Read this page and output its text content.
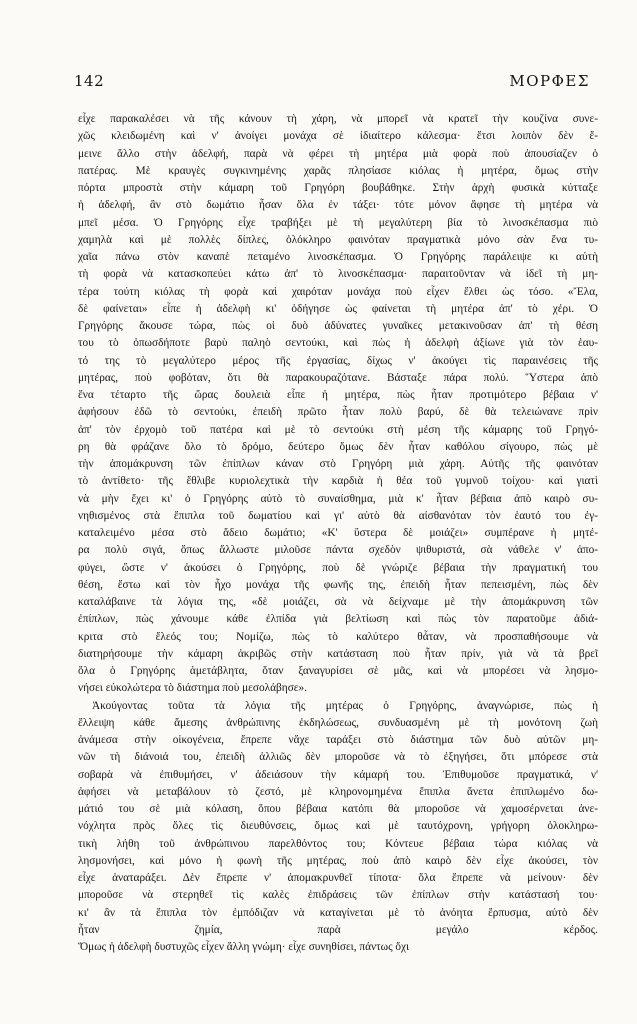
142	ΜΟΡΦΕΣ
εἶχε παρακαλέσει νὰ τῆς κάνουν τὴ χάρη, νὰ μπορεῖ νὰ κρατεῖ τὴν κουζίνα συνε-
χῶς κλειδωμένη καὶ ν' ἀνοίγει μονάχα σὲ ἰδιαίτερο κάλεσμα· ἔτσι λοιπὸν δὲν ἔ-
μεινε ἄλλο στὴν ἀδελφή, παρὰ νὰ φέρει τὴ μητέρα μιὰ φορὰ ποὺ ἀπουσίαζεν ὁ
πατέρας. Μὲ κραυγὲς συγκινημένης χαρᾶς πλησίασε κιόλας ἡ μητέρα, ὅμως στὴν
πόρτα μπροστὰ στὴν κάμαρη τοῦ Γρηγόρη βουβάθηκε. Στὴν ἀρχὴ φυσικὰ κύτταξε
ἡ ἀδελφή, ἂν στὸ δωμάτιο ἦσαν ὅλα ἐν τάξει· τότε μόνον ἄφησε τὴ μητέρα νὰ
μπεῖ μέσα. Ὁ Γρηγόρης εἶχε τραβήξει μὲ τὴ μεγαλύτερη βία τὸ λινοσκέπασμα πιὸ
χαμηλὰ καὶ μὲ πολλὲς δίπλες, ὁλόκληρο φαινόταν πραγματικὰ μόνο σὰν ἕνα τυ-
χαῖα πάνω στὸν καναπὲ πεταμένο λινοσκέπασμα. Ὁ Γρηγόρης παράλειψε κι αὐτὴ
τὴ φορὰ νὰ κατασκοπεύει κάτω ἀπ' τὸ λινοσκέπασμα· παραιτοῦνταν νὰ ἰδεῖ τὴ μη-
τέρα τούτη κιόλας τὴ φορὰ καὶ χαιρόταν μονάχα ποὺ εἶχεν ἔλθει ὡς τόσο. «Ἔλα,
δὲ φαίνεται» εἶπε ἡ ἀδελφὴ κι' ὁδήγησε ὡς φαίνεται τὴ μητέρα ἀπ' τὸ χέρι. Ὁ
Γρηγόρης ἄκουσε τώρα, πὼς οἱ δυὸ ἀδύνατες γυναῖκες μετακινοῦσαν ἀπ' τὴ θέση
του τὸ ὁπωσδήποτε βαρὺ παληὸ σεντούκι, καὶ πὼς ἡ ἀδελφὴ ἀξίωνε γιὰ τὸν ἑαυ-
τό της τὸ μεγαλύτερο μέρος τῆς ἐργασίας, δίχως ν' ἀκούγει τὶς παραινέσεις τῆς
μητέρας, ποὺ φοβόταν, ὅτι θὰ παρακουραζότανε. Βάσταξε πάρα πολύ. Ὕστερα ἀπὸ
ἕνα τέταρτο τῆς ὥρας δουλειὰ εἶπε ἡ μητέρα, πὼς ἦταν προτιμότερο βέβαια ν'
ἀφήσουν ἐδῶ τὸ σεντούκι, ἐπειδὴ πρῶτο ἦταν πολὺ βαρύ, δὲ θὰ τελειώνανε πρὶν
ἀπ' τὸν ἐρχομὸ τοῦ πατέρα καὶ μὲ τὸ σεντούκι στὴ μέση τῆς κάμαρης τοῦ Γρηγό-
ρη θὰ φράζανε ὅλο τὸ δρόμο, δεύτερο ὅμως δὲν ἦταν καθόλου σίγουρο, πὼς μὲ
τὴν ἀπομάκρυνση τῶν ἐπίπλων κάναν στὸ Γρηγόρη μιὰ χάρη. Αὐτῆς τῆς φαινόταν
τὸ ἀντίθετο· τῆς ἔθλιβε κυριολεχτικὰ τὴν καρδιὰ ἡ θέα τοῦ γυμνοῦ τοίχου· καὶ γιατὶ
νὰ μὴν ἔχει κι' ὁ Γρηγόρης αὐτὸ τὸ συναίσθημα, μιὰ κ' ἦταν βέβαια ἀπὸ καιρὸ συ-
νηθισμένος στὰ ἔπιπλα τοῦ δωματίου καὶ γι' αὐτὸ θὰ αἰσθανόταν τὸν ἑαυτό του ἐγ-
καταλειμένο μέσα στὸ ἄδειο δωμάτιο; «Κ' ὕστερα δὲ μοιάζει» συμπέρανε ἡ μητέ-
ρα πολὺ σιγά, ὅπως ἄλλωστε μιλοῦσε πάντα σχεδὸν ψιθυριστά, σὰ νάθελε ν' ἀπο-
φύγει, ὥστε ν' ἀκούσει ὁ Γρηγόρης, ποὺ δὲ γνώριζε βέβαια τὴν πραγματική του
θέση, ἔστω καὶ τὸν ἦχο μονάχα τῆς φωνῆς της, ἐπειδὴ ἦταν πεπεισμένη, πὼς δὲν
καταλάβαινε τὰ λόγια της, «δὲ μοιάζει, σὰ νὰ δείχναμε μὲ τὴν ἀπομάκρυνση τῶν
ἐπίπλων, πὼς χάνουμε κάθε ἐλπίδα γιὰ βελτίωση καὶ πὼς τὸν παρατοῦμε ἀδιά-
κριτα στὸ ἔλεός του; Νομίζω, πὼς τὸ καλύτερο θἆταν, νὰ προσπαθήσουμε νὰ
διατηρήσουμε τὴν κάμαρη ἀκριβῶς στὴν κατάσταση ποὺ ἦταν πρίν, γιὰ νὰ τὰ βρεῖ
ὅλα ὁ Γρηγόρης ἀμετάβλητα, ὅταν ξαναγυρίσει σὲ μᾶς, καὶ νὰ μπορέσει νὰ λησμο-
νήσει εὐκολώτερα τὸ διάστημα ποὺ μεσολάβησε».
Ἀκούγοντας τοῦτα τὰ λόγια τῆς μητέρας ὁ Γρηγόρης, ἀναγνώρισε, πὼς ἡ
ἔλλειψη κάθε ἄμεσης ἀνθρώπινης ἐκδηλώσεως, συνδυασμένη μὲ τὴ μονότονη ζωὴ
ἀνάμεσα στὴν οἰκογένεια, ἔπρεπε νἄχε ταράξει στὸ διάστημα τῶν δυὸ αὐτῶν μη-
νῶν τὴ διάνοιά του, ἐπειδὴ ἀλλιῶς δὲν μποροῦσε νὰ τὸ ἐξηγήσει, ὅτι μπόρεσε στὰ
σοβαρὰ νὰ ἐπιθυμήσει, ν' ἀδειάσουν τὴν κάμαρή του. Ἐπιθυμοῦσε πραγματικά, ν'
ἀφήσει νὰ μεταβάλουν τὸ ζεστό, μὲ κληρονομημένα ἔπιπλα ἄνετα ἐπιπλωμένο δω-
μάτιό του σὲ μιὰ κόλαση, ὅπου βέβαια κατόπι θὰ μποροῦσε νὰ χαμοσέρνεται ἀνε-
νόχλητα πρὸς ὅλες τὶς διευθύνσεις, ὅμως καὶ μὲ ταυτόχρονη, γρήγορη ὁλοκληρω-
τικὴ λήθη τοῦ ἀνθρώπινου παρελθόντος του; Κόντευε βέβαια τώρα κιόλας νὰ
λησμονήσει, καὶ μόνο ἡ φωνὴ τῆς μητέρας, ποὺ ἀπὸ καιρὸ δὲν εἶχε ἀκούσει, τὸν
εἶχε ἀναταράξει. Δὲν ἔπρεπε ν' ἀπομακρυνθεῖ τίποτα· ὅλα ἔπρεπε νὰ μείνουν· δὲν
μποροῦσε νὰ στερηθεῖ τὶς καλὲς ἐπιδράσεις τῶν ἐπίπλων στὴν κατάστασή του·
κι' ἂν τὰ ἔπιπλα τὸν ἐμπόδιζαν νὰ καταγίνεται μὲ τὸ ἀνόητα ἕρπυσμα, αὐτὸ δὲν
ἦταν ζημία, παρὰ μεγάλο κέρδος.
Ὅμως ἡ ἀδελφὴ δυστυχῶς εἶχεν ἄλλη γνώμη· εἶχε συνηθίσει, πάντως ὄχι
